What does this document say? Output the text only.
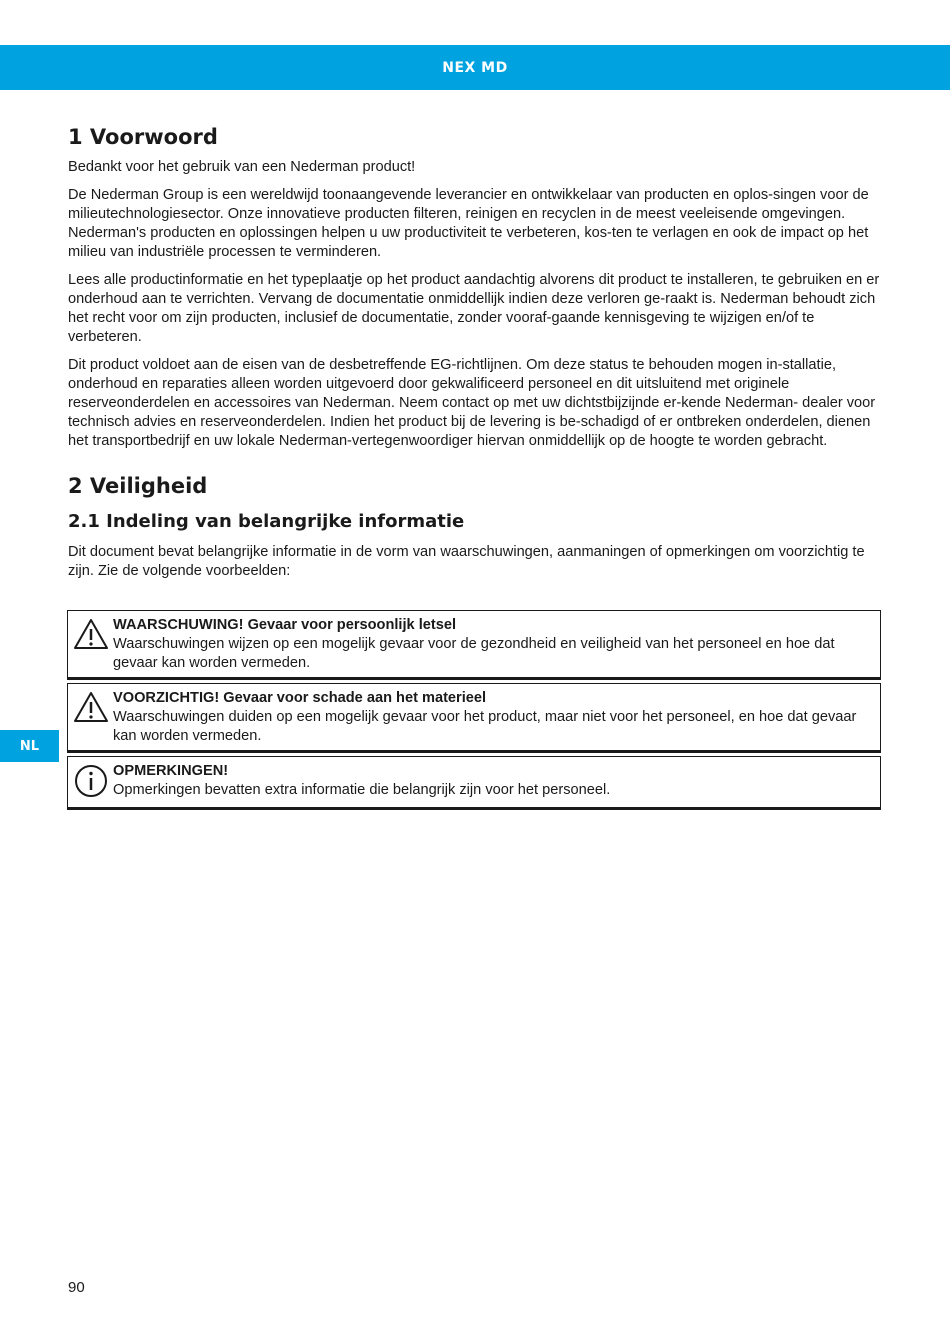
NEX MD
NL
1 Voorwoord

Bedankt voor het gebruik van een Nederman product!

De Nederman Group is een wereldwijd toonaangevende leverancier en ontwikkelaar van producten en oplos-singen voor de milieutechnologiesector. Onze innovatieve producten filteren, reinigen en recyclen in de meest veeleisende omgevingen. Nederman's producten en oplossingen helpen u uw productiviteit te verbeteren, kos-ten te verlagen en ook de impact op het milieu van industriële processen te verminderen.

Lees alle productinformatie en het typeplaatje op het product aandachtig alvorens dit product te installeren, te gebruiken en er onderhoud aan te verrichten. Vervang de documentatie onmiddellijk indien deze verloren ge-raakt is. Nederman behoudt zich het recht voor om zijn producten, inclusief de documentatie, zonder vooraf-gaande kennisgeving te wijzigen en/of te verbeteren.

Dit product voldoet aan de eisen van de desbetreffende EG-richtlijnen. Om deze status te behouden mogen in-stallatie, onderhoud en reparaties alleen worden uitgevoerd door gekwalificeerd personeel en dit uitsluitend met originele reserveonderdelen en accessoires van Nederman. Neem contact op met uw dichtstbijzijnde er-kende Nederman- dealer voor technisch advies en reserveonderdelen. Indien het product bij de levering is be-schadigd of er ontbreken onderdelen, dienen het transportbedrijf en uw lokale Nederman-vertegenwoordiger hiervan onmiddellijk op de hoogte te worden gebracht.

2 Veiligheid
2.1 Indeling van belangrijke informatie

Dit document bevat belangrijke informatie in de vorm van waarschuwingen, aanmaningen of opmerkingen om voorzichtig te zijn. Zie de volgende voorbeelden:

WAARSCHUWING! Gevaar voor persoonlijk letsel
Waarschuwingen wijzen op een mogelijk gevaar voor de gezondheid en veiligheid van het personeel en hoe dat gevaar kan worden vermeden.
VOORZICHTIG! Gevaar voor schade aan het materieel
Waarschuwingen duiden op een mogelijk gevaar voor het product, maar niet voor het personeel, en hoe dat gevaar kan worden vermeden.
OPMERKINGEN!
Opmerkingen bevatten extra informatie die belangrijk zijn voor het personeel.
90
